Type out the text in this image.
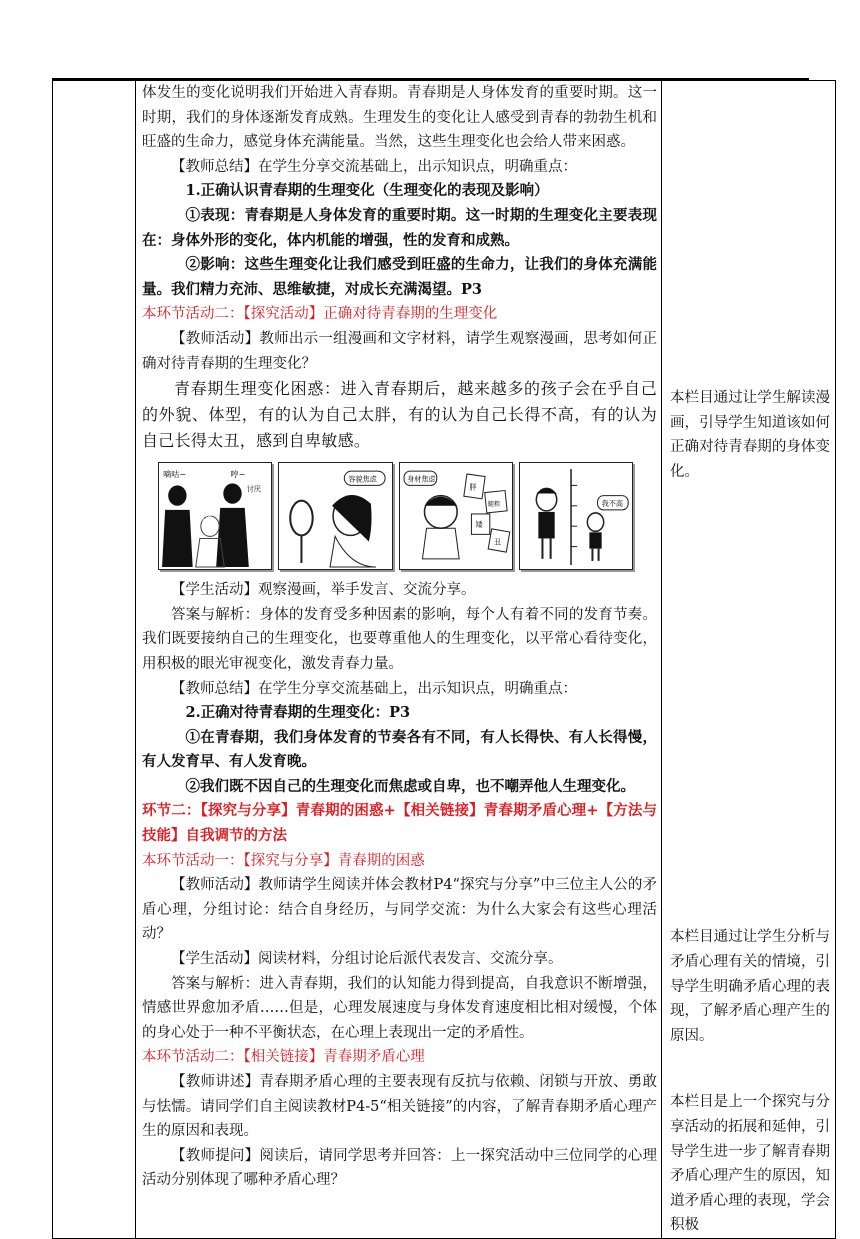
体发生的变化说明我们开始进入青春期。青春期是人身体发育的重要时期。这一时期，我们的身体逐渐发育成熟。生理发生的变化让人感受到青春的勃勃生机和旺盛的生命力，感觉身体充满能量。当然，这些生理变化也会给人带来困惑。

【教师总结】在学生分享交流基础上，出示知识点，明确重点：

1.正确认识青春期的生理变化（生理变化的表现及影响）

①表现：青春期是人身体发育的重要时期。这一时期的生理变化主要表现在：身体外形的变化，体内机能的增强，性的发育和成熟。

②影响：这些生理变化让我们感受到旺盛的生命力，让我们的身体充满能量。我们精力充沛、思维敏捷，对成长充满渴望。P3

本环节活动二：【探究活动】正确对待青春期的生理变化

【教师活动】教师出示一组漫画和文字材料，请学生观察漫画，思考如何正确对待青春期的生理变化？

青春期生理变化困惑：进入青春期后，越来越多的孩子会在乎自己的外貌、体型，有的认为自己太胖，有的认为自己长得不高，有的认为自己长得太丑，感到自卑敏感。

嘀咕~	哼~
讨厌
自卑
容貌焦虑	身材焦虑
胖
腿粗
矮
丑
我不高

【学生活动】观察漫画，举手发言、交流分享。

答案与解析：身体的发育受多种因素的影响，每个人有着不同的发育节奏。我们既要接纳自己的生理变化，也要尊重他人的生理变化，以平常心看待变化，用积极的眼光审视变化，激发青春力量。

【教师总结】在学生分享交流基础上，出示知识点，明确重点：

2.正确对待青春期的生理变化：P3

①在青春期，我们身体发育的节奏各有不同，有人长得快、有人长得慢，有人发育早、有人发育晚。

②我们既不因自己的生理变化而焦虑或自卑，也不嘲弄他人生理变化。

环节二：【探究与分享】青春期的困惑+【相关链接】青春期矛盾心理+【方法与技能】自我调节的方法

本环节活动一：【探究与分享】青春期的困惑

【教师活动】教师请学生阅读并体会教材P4“探究与分享”中三位主人公的矛盾心理，分组讨论：结合自身经历，与同学交流：为什么大家会有这些心理活动？

【学生活动】阅读材料，分组讨论后派代表发言、交流分享。

答案与解析：进入青春期，我们的认知能力得到提高，自我意识不断增强，情感世界愈加矛盾……但是，心理发展速度与身体发育速度相比相对缓慢，个体的身心处于一种不平衡状态，在心理上表现出一定的矛盾性。

本环节活动二：【相关链接】青春期矛盾心理

【教师讲述】青春期矛盾心理的主要表现有反抗与依赖、闭锁与开放、勇敢与怯懦。请同学们自主阅读教材P4-5“相关链接”的内容，了解青春期矛盾心理产生的原因和表现。

【教师提问】阅读后，请同学思考并回答：上一探究活动中三位同学的心理活动分别体现了哪种矛盾心理？

本栏目通过让学生解读漫画，引导学生知道该如何正确对待青春期的身体变化。

本栏目通过让学生分析与矛盾心理有关的情境，引导学生明确矛盾心理的表现，了解矛盾心理产生的原因。

本栏目是上一个探究与分享活动的拓展和延伸，引导学生进一步了解青春期矛盾心理产生的原因，知道矛盾心理的表现，学会积极
